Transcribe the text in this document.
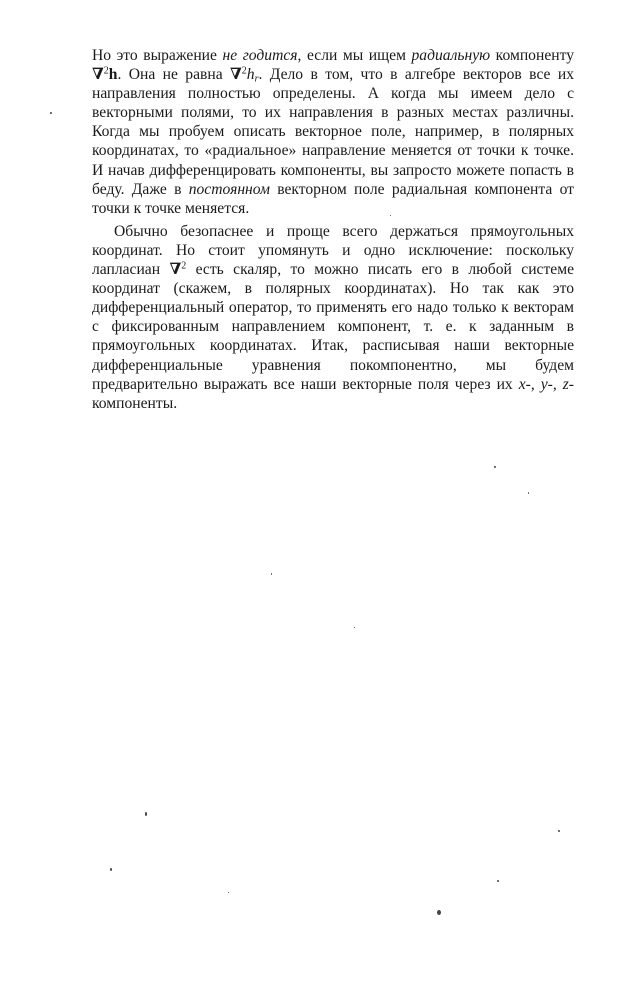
Но это выражение не годится, если мы ищем радиальную компоненту ∇$^2$h. Она не равна $\nabla^2h_r$. Дело в том, что в алгебре векторов все их направления полностью определены. А когда мы имеем дело с векторными полями, то их направления в разных местах различны. Когда мы пробуем описать векторное поле, например, в полярных координатах, то «радиальное» направление меняется от точки к точке. И начав дифференцировать компоненты, вы запросто можете попасть в беду. Даже в постоянном векторном поле радиальная компонента от точки к точке меняется.

Обычно безопаснее и проще всего держаться прямоугольных координат. Но стоит упомянуть и одно исключение: поскольку лапласиан ∇$^2$ есть скаляр, то можно писать его в любой системе координат (скажем, в полярных координатах). Но так как это дифференциальный оператор, то применять его надо только к векторам с фиксированным направлением компонент, т. е. к заданным в прямоугольных координатах. Итак, расписывая наши векторные дифференциальные уравнения покомпонентно, мы будем предварительно выражать все наши векторные поля через их x-, y-, z-компоненты.
